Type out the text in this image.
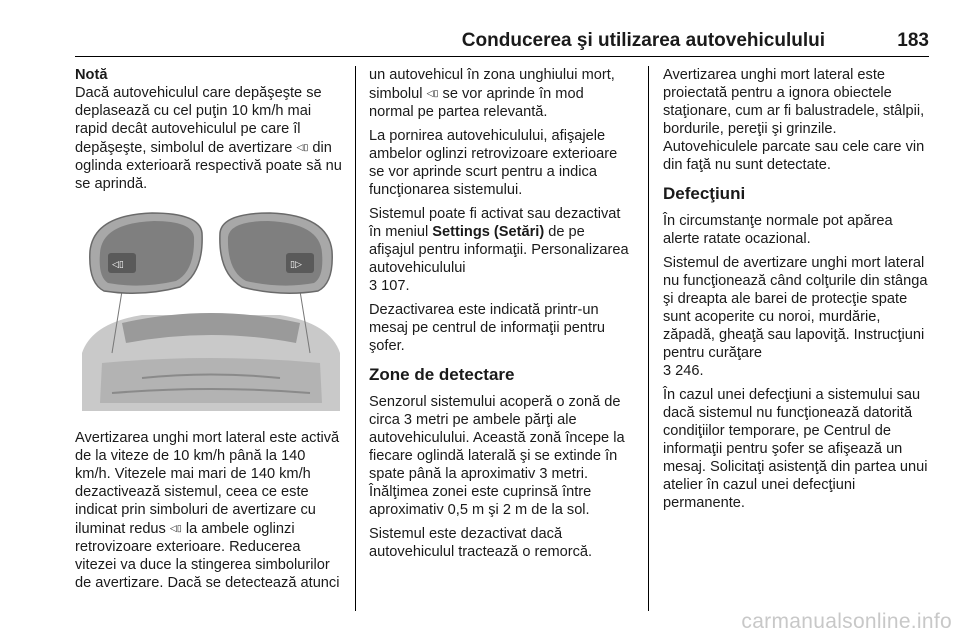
Conducerea şi utilizarea autovehiculului	183
Notă

Dacă autovehiculul care depăşeşte se deplasează cu cel puţin 10 km/h mai rapid decât autovehiculul pe care îl depăşeşte, simbolul de avertizare ◁▯ din oglinda exterioară respectivă poate să nu se aprindă.

◁▯	▯▷

Avertizarea unghi mort lateral este activă de la viteze de 10 km/h până la 140 km/h. Vitezele mai mari de 140 km/h dezactivează sistemul, ceea ce este indicat prin simboluri de avertizare cu iluminat redus ◁▯ la ambele oglinzi retrovizoare exterioare. Reducerea vitezei va duce la stingerea simbolurilor de avertizare. Dacă se detectează atunci

un autovehicul în zona unghiului mort, simbolul ◁▯ se vor aprinde în mod normal pe partea relevantă.

La pornirea autovehiculului, afişajele ambelor oglinzi retrovizoare exterioare se vor aprinde scurt pentru a indica funcţionarea sistemului.

Sistemul poate fi activat sau dezactivat în meniul Settings (Setări) de pe afişajul pentru informaţii. Personalizarea autovehiculului
3 107.

Dezactivarea este indicată printr-un mesaj pe centrul de informaţii pentru şofer.

Zone de detectare

Senzorul sistemului acoperă o zonă de circa 3 metri pe ambele părţi ale autovehiculului. Această zonă începe la fiecare oglindă laterală şi se extinde în spate până la aproximativ 3 metri. Înălţimea zonei este cuprinsă între aproximativ 0,5 m şi 2 m de la sol.

Sistemul este dezactivat dacă autovehiculul tractează o remorcă.

Avertizarea unghi mort lateral este proiectată pentru a ignora obiectele staţionare, cum ar fi balustradele, stâlpii, bordurile, pereţii şi grinzile. Autovehiculele parcate sau cele care vin din faţă nu sunt detectate.

Defecţiuni

În circumstanţe normale pot apărea alerte ratate ocazional.

Sistemul de avertizare unghi mort lateral nu funcţionează când colţurile din stânga şi dreapta ale barei de protecţie spate sunt acoperite cu noroi, murdărie, zăpadă, gheaţă sau lapoviţă. Instrucţiuni pentru curăţare
3 246.

În cazul unei defecţiuni a sistemului sau dacă sistemul nu funcţionează datorită condiţiilor temporare, pe Centrul de informaţii pentru şofer se afişează un mesaj. Solicitaţi asistenţă din partea unui atelier în cazul unei defecţiuni permanente.

carmanualsonline.info
